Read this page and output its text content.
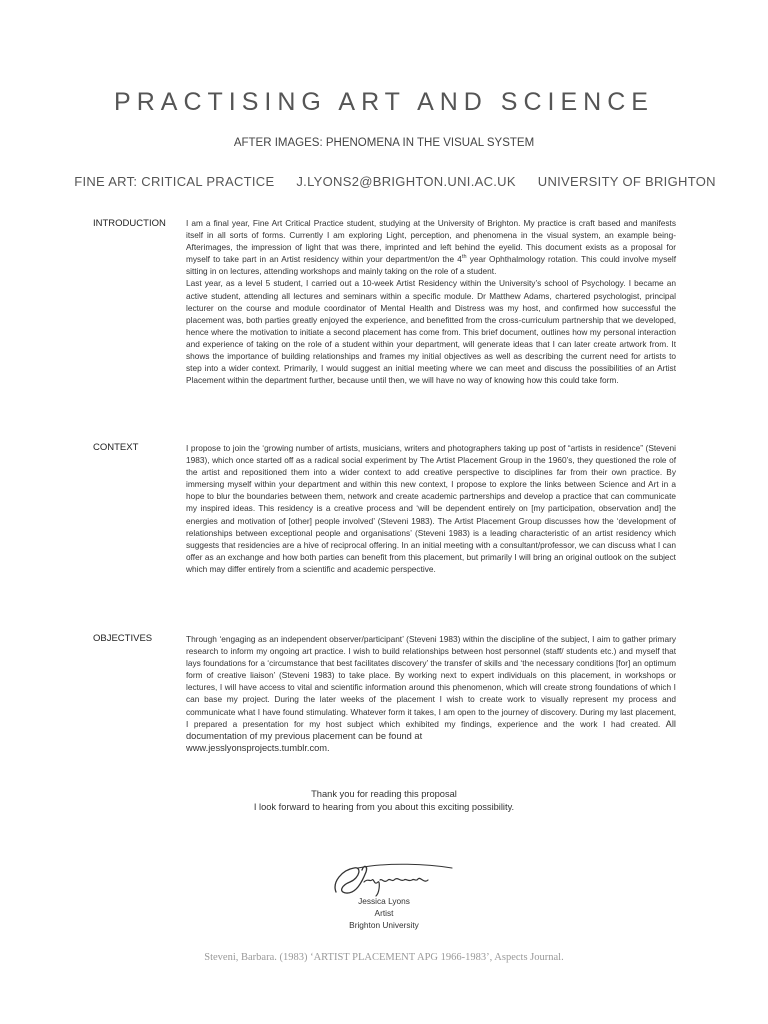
PRACTISING ART AND SCIENCE
AFTER IMAGES: PHENOMENA IN THE VISUAL SYSTEM
FINE ART: CRITICAL PRACTICE J.LYONS2@BRIGHTON.UNI.AC.UK UNIVERSITY OF BRIGHTON
INTRODUCTION I am a final year, Fine Art Critical Practice student, studying at the University of Brighton. My practice is craft based and manifests itself in all sorts of forms. Currently I am exploring Light, perception, and phenomena in the visual system, an example being- Afterimages, the impression of light that was there, imprinted and left behind the eyelid. This document exists as a proposal for myself to take part in an Artist residency within your department/on the 4th year Ophthalmology rotation. This could involve myself sitting in on lectures, attending workshops and mainly taking on the role of a student.

Last year, as a level 5 student, I carried out a 10-week Artist Residency within the University’s school of Psychology. I became an active student, attending all lectures and seminars within a specific module. Dr Matthew Adams, chartered psychologist, principal lecturer on the course and module coordinator of Mental Health and Distress was my host, and confirmed how successful the placement was, both parties greatly enjoyed the experience, and benefitted from the cross-curriculum partnership that we developed, hence where the motivation to initiate a second placement has come from. This brief document, outlines how my personal interaction and experience of taking on the role of a student within your department, will generate ideas that I can later create artwork from. It shows the importance of building relationships and frames my initial objectives as well as describing the current need for artists to step into a wider context. Primarily, I would suggest an initial meeting where we can meet and discuss the possibilities of an Artist Placement within the department further, because until then, we will have no way of knowing how this could take form.

CONTEXT	I propose to join the ‘growing number of artists, musicians, writers and photographers taking up post of “artists in residence” (Steveni 1983), which once started off as a radical social experiment by The Artist Placement Group in the 1960’s, they questioned the role of the artist and repositioned them into a wider context to add creative perspective to disciplines far from their own practice. By immersing myself within your department and within this new context, I propose to explore the links between Science and Art in a hope to blur the boundaries between them, network and create academic partnerships and develop a practice that can communicate my inspired ideas. This residency is a creative process and ‘will be dependent entirely on [my participation, observation and] the energies and motivation of [other] people involved’ (Steveni 1983). The Artist Placement Group discusses how the ‘development of relationships between exceptional people and organisations’ (Steveni 1983) is a leading characteristic of an artist residency which suggests that residencies are a hive of reciprocal offering. In an initial meeting with a consultant/professor, we can discuss what I can offer as an exchange and how both parties can benefit from this placement, but primarily I will bring an original outlook on the subject which may differ entirely from a scientific and academic perspective.

OBJECTIVES	Through ‘engaging as an independent observer/participant’ (Steveni 1983) within the discipline of the subject, I aim to gather primary research to inform my ongoing art practice. I wish to build relationships between host personnel (staff/ students etc.) and myself that lays foundations for a ‘circumstance that best facilitates discovery’ the transfer of skills and ‘the necessary conditions [for] an optimum form of creative liaison’ (Steveni 1983) to take place. By working next to expert individuals on this placement, in workshops or lectures, I will have access to vital and scientific information around this phenomenon, which will create strong foundations of which I can base my project. During the later weeks of the placement I wish to create work to visually represent my process and communicate what I have found stimulating. Whatever form it takes, I am open to the journey of discovery. During my last placement, I prepared a presentation for my host subject which exhibited my findings, experience and the work I had created. All documentation of my previous placement can be found at

www.jesslyonsprojects.tumblr.com.

Thank you for reading this proposal
I look forward to hearing from you about this exciting possibility.
Jessica Lyons
Artist
Brighton University
Steveni, Barbara. (1983) ‘ARTIST PLACEMENT APG 1966-1983’, Aspects Journal.
